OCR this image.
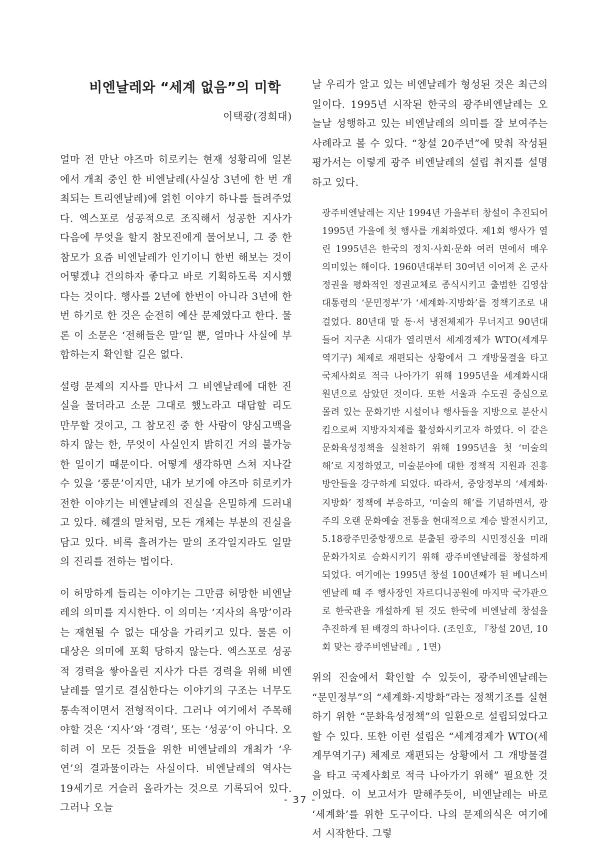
비엔날레와 “세계 없음”의 미학
이택광(경희대)

얼마 전 만난 야즈마 히로키는 현재 성황리에 일본에서 개최 중인 한 비엔날레(사실상 3년에 한 번 개최되는 트리엔날레)에 얽힌 이야기 하나를 들려주었다. 엑스포로 성공적으로 조직해서 성공한 지사가 다음에 무엇을 할지 참모진에게 물어보니, 그 중 한 참모가 요즘 비엔날레가 인기이니 한번 해보는 것이 어떻겠냐 건의하자 좋다고 바로 기획하도록 지시했다는 것이다. 행사를 2년에 한번이 아니라 3년에 한번 하기로 한 것은 순전히 예산 문제였다고 한다. 물론 이 소문은 ‘전해들은 말’일 뿐, 얼마나 사실에 부합하는지 확인할 길은 없다.

설령 문제의 지사를 만나서 그 비엔날레에 대한 진실을 물더라고 소문 그대로 했노라고 대답할 리도 만무할 것이고, 그 참모진 중 한 사람이 양심고백을 하지 않는 한, 무엇이 사실인지 밝히긴 거의 불가능한 일이기 때문이다. 어떻게 생각하면 스쳐 지나갈 수 있을 ‘풍문’이지만, 내가 보기에 야즈마 히로키가 전한 이야기는 비엔날레의 진실을 은밀하게 드러내고 있다. 헤겔의 말처럼, 모든 개체는 부분의 진실을 담고 있다. 비록 흘려가는 말의 조각일지라도 일말의 진리를 전하는 법이다.

이 허망하게 들리는 이야기는 그만큼 허망한 비엔날레의 의미를 지시한다. 이 의미는 ‘지사의 욕망’이라는 재현될 수 없는 대상을 가리키고 있다. 물론 이 대상은 의미에 포획 당하지 않는다. 엑스포로 성공적 경력을 쌓아올린 지사가 다른 경력을 위해 비엔날레를 열기로 결심한다는 이야기의 구조는 너무도 통속적이면서 전형적이다. 그러나 여기에서 주목해야할 것은 ‘지사’와 ‘경력’, 또는 ‘성공’이 아니다. 오히려 이 모든 것들을 위한 비엔날레의 개최가 ‘우연’의 결과물이라는 사실이다. 비엔날레의 역사는 19세기로 거슬러 올라가는 것으로 기록되어 있다. 그러나 오늘

날 우리가 알고 있는 비엔날레가 형성된 것은 최근의 일이다. 1995년 시작된 한국의 광주비엔날레는 오늘날 성행하고 있는 비엔날레의 의미를 잘 보여주는 사례라고 볼 수 있다. “창설 20주년”에 맞춰 작성된 평가서는 이렇게 광주 비엔날레의 설립 취지를 설명하고 있다.

광주비엔날레는 지난 1994년 가을부터 창설이 추진되어 1995년 가을에 첫 행사를 개최하였다. 제1회 행사가 열린 1995년은 한국의 정치·사회·문화 여러 면에서 매우 의미있는 해이다. 1960년대부터 30여년 이어져 온 군사정권을 평화적인 정권교체로 종식시키고 출범한 김영삼 대통령의 ‘문민정부’가 ‘세계화·지방화’를 정책기조로 내걸었다. 80년대 말 동·서 냉전체제가 무너지고 90년대 들어 지구촌 시대가 열리면서 세계경제가 WTO(세계무역기구) 체제로 재편되는 상황에서 그 개방물결을 타고 국제사회로 적극 나아가기 위해 1995년을 세계화시대 원년으로 삼았던 것이다. 또한 서울과 수도권 중심으로 몰려 있는 문화기반 시설이나 행사들을 지방으로 분산시킴으로써 지방자치제를 활성화시키고자 하였다. 이 같은 문화육성정책을 실천하기 위해 1995년을 첫 ‘미술의 해’로 지정하였고, 미술분야에 대한 정책적 지원과 진흥방안들을 강구하게 되었다. 따라서, 중앙정부의 ‘세계화·지방화’ 정책에 부응하고, ‘미술의 해’를 기념하면서, 광주의 오랜 문화예술 전통을 현대적으로 계승 발전시키고, 5.18광주민중항쟁으로 분출된 광주의 시민정신을 미래 문화가치로 승화시키기 위해 광주비엔날레를 창설하게 되었다. 여기에는 1995년 창설 100년째가 된 베니스비엔날레 때 주 행사장인 자르디니공원에 마지막 국가관으로 한국관을 개설하게 된 것도 한국에 비엔날레 창설을 추진하게 된 배경의 하나이다. (조인호, 『창설 20년, 10회 맞는 광주비엔날레』, 1면)

위의 진술에서 확인할 수 있듯이, 광주비엔날레는 “문민정부”의 “세계화·지방화”라는 정책기조를 실현하기 위한 “문화육성정책”의 일환으로 설립되었다고 할 수 있다. 또한 이런 설립은 “세계경제가 WTO(세계무역기구) 체제로 재편되는 상황에서 그 개방물결을 타고 국제사회로 적극 나아가기 위해” 필요한 것이었다. 이 보고서가 말해주듯이, 비엔날레는 바로 ‘세계화’를 위한 도구이다. 나의 문제의식은 여기에서 시작한다. 그렇

- 37 -
